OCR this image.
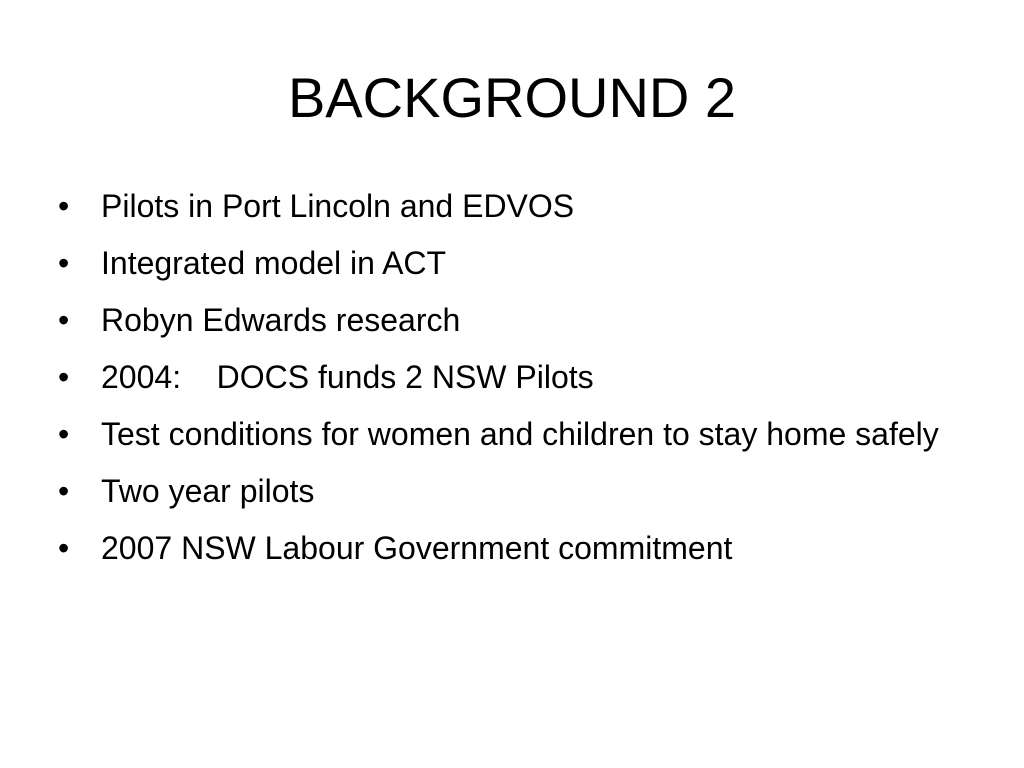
BACKGROUND 2
• Pilots in Port Lincoln and EDVOS
• Integrated model in ACT
• Robyn Edwards research
• 2004:    DOCS funds 2 NSW Pilots
• Test conditions for women and children to stay home safely
• Two year pilots
• 2007 NSW Labour Government commitment
